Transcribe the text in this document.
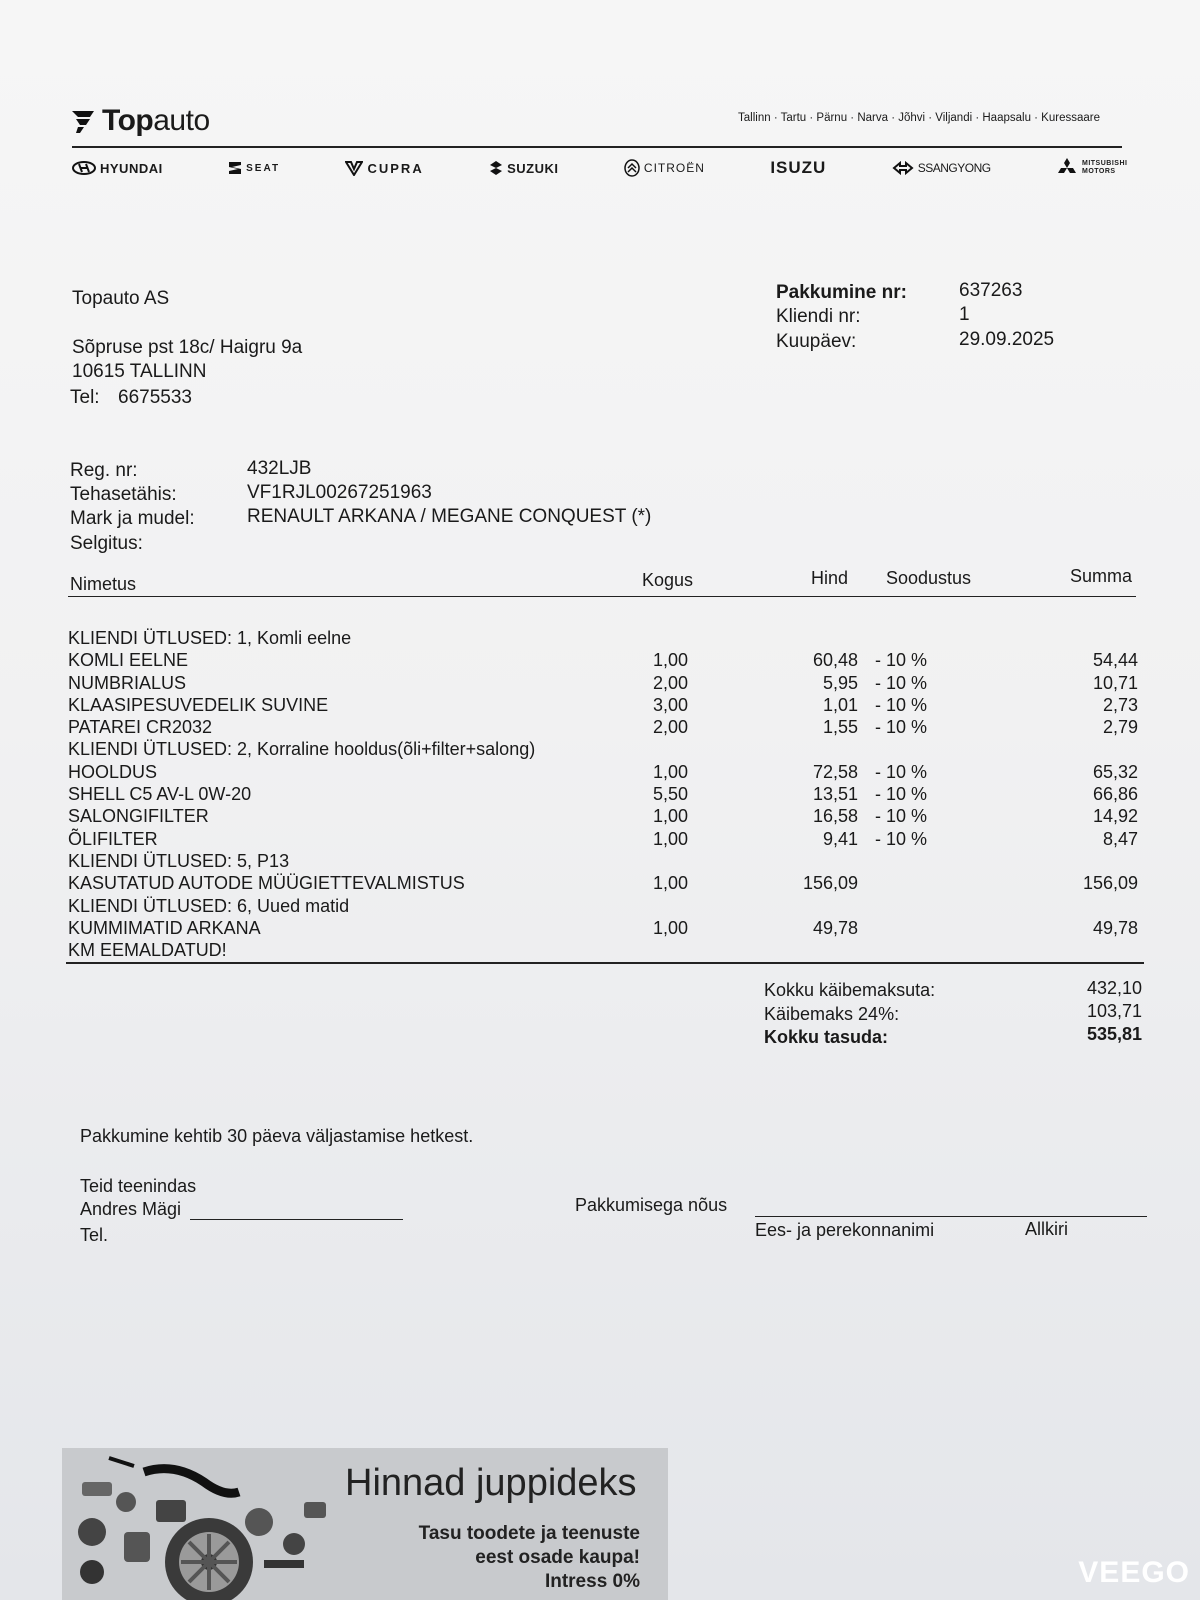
Topauto	Tallinn · Tartu · Pärnu · Narva · Jõhvi · Viljandi · Haapsalu · Kuressaare
HYUNDAI	SEAT	CUPRA	SUZUKI	CITROËN	ISUZU	SSANGYONG	MITSUBISHI MOTORS
Topauto AS
Sõpruse pst 18c/ Haigru 9a
10615 TALLINN
Tel: 6675533
Pakkumine nr:	637263
Kliendi nr:	1
Kuupäev:	29.09.2025
Reg. nr:	432LJB
Tehasetähis:	VF1RJL00267251963
Mark ja mudel:	RENAULT ARKANA / MEGANE CONQUEST (*)
Selgitus:
Nimetus	Kogus	Hind Soodustus	Summa
KLIENDI ÜTLUSED: 1, Komli eelne
KOMLI EELNE	1,00	60,48 - 10 %	54,44
NUMBRIALUS	2,00	5,95 - 10 %	10,71
KLAASIPESUVEDELIK SUVINE	3,00	1,01 - 10 %	2,73
PATAREI CR2032	2,00	1,55 - 10 %	2,79
KLIENDI ÜTLUSED: 2, Korraline hooldus(õli+filter+salong)
HOOLDUS	1,00	72,58 - 10 %	65,32
SHELL C5 AV-L 0W-20	5,50	13,51 - 10 %	66,86
SALONGIFILTER	1,00	16,58 - 10 %	14,92
ÕLIFILTER	1,00	9,41 - 10 %	8,47
KLIENDI ÜTLUSED: 5, P13
KASUTATUD AUTODE MÜÜGIETTEVALMISTUS	1,00	156,09	156,09
KLIENDI ÜTLUSED: 6, Uued matid
KUMMIMATID ARKANA	1,00	49,78	49,78
KM EEMALDATUD!
Kokku käibemaksuta:	432,10
Käibemaks 24%:	103,71
Kokku tasuda:	535,81
Pakkumine kehtib 30 päeva väljastamise hetkest.
Teid teenindas
Andres Mägi
Tel.
Pakkumisega nõus
Ees- ja perekonnanimi	Allkiri
Hinnad juppideks
Tasu toodete ja teenuste
eest osade kaupa!
Intress 0%	VEEGO
